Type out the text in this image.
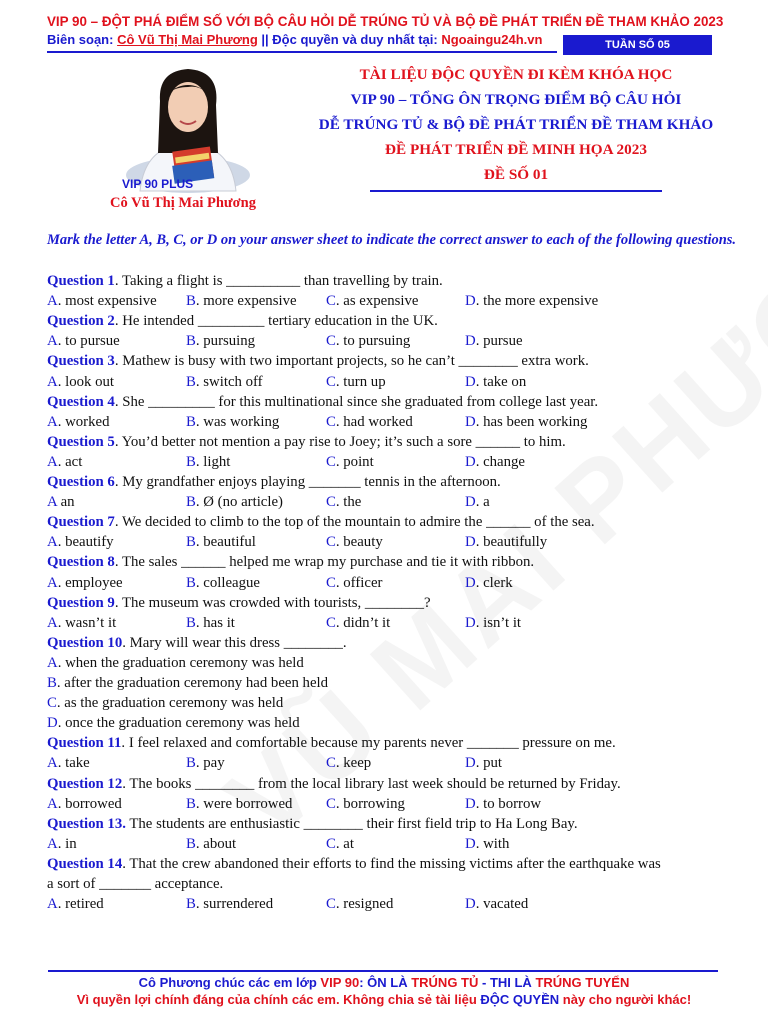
VIP 90 – ĐỘT PHÁ ĐIỂM SỐ VỚI BỘ CÂU HỎI DỄ TRÚNG TỦ VÀ BỘ ĐỀ PHÁT TRIỂN ĐỀ THAM KHẢO 2023
Biên soạn: Cô Vũ Thị Mai Phương || Độc quyền và duy nhất tại: Ngoaingu24h.vn	TUẦN SỐ 05
VIP 90 PLUS
Cô Vũ Thị Mai Phương
TÀI LIỆU ĐỘC QUYỀN ĐI KÈM KHÓA HỌC
VIP 90 – TỔNG ÔN TRỌNG ĐIỂM BỘ CÂU HỎI
DỄ TRÚNG TỦ & BỘ ĐỀ PHÁT TRIỂN ĐỀ THAM KHẢO
ĐỀ PHÁT TRIỂN ĐỀ MINH HỌA 2023
ĐỀ SỐ 01
Mark the letter A, B, C, or D on your answer sheet to indicate the correct answer to each of the following questions.
Question 1. Taking a flight is __________ than travelling by train.
A. most expensive B. more expensive C. as expensive	D. the more expensive
Question 2. He intended _________ tertiary education in the UK.
A. to pursue	B. pursuing	C. to pursuing	D. pursue
Question 3. Mathew is busy with two important projects, so he can’t ________ extra work.
A. look out	B. switch off	C. turn up	D. take on
Question 4. She _________ for this multinational since she graduated from college last year.
A. worked	B. was working	C. had worked	D. has been working
Question 5. You’d better not mention a pay rise to Joey; it’s such a sore ______ to him.
A. act	B. light	C. point	D. change
Question 6. My grandfather enjoys playing _______ tennis in the afternoon.
A an	B. Ø (no article)	C. the	D. a
Question 7. We decided to climb to the top of the mountain to admire the ______ of the sea.
A. beautify	B. beautiful	C. beauty	D. beautifully
Question 8. The sales ______ helped me wrap my purchase and tie it with ribbon.
A. employee	B. colleague	C. officer	D. clerk
Question 9. The museum was crowded with tourists, ________?
A. wasn’t it	B. has it	C. didn’t it	D. isn’t it
Question 10. Mary will wear this dress ________.
A. when the graduation ceremony was held
B. after the graduation ceremony had been held
C. as the graduation ceremony was held
D. once the graduation ceremony was held
Question 11. I feel relaxed and comfortable because my parents never _______ pressure on me.
A. take	B. pay	C. keep	D. put
Question 12. The books ________ from the local library last week should be returned by Friday.
A. borrowed	B. were borrowed C. borrowing	D. to borrow
Question 13. The students are enthusiastic ________ their first field trip to Ha Long Bay.
A. in	B. about	C. at	D. with
Question 14. That the crew abandoned their efforts to find the missing victims after the earthquake was
a sort of _______ acceptance.
A. retired	B. surrendered	C. resigned	D. vacated
Cô Phương chúc các em lớp VIP 90: ÔN LÀ TRÚNG TỦ - THI LÀ TRÚNG TUYỂN
Vì quyền lợi chính đáng của chính các em. Không chia sẻ tài liệu ĐỘC QUYỀN này cho người khác!
